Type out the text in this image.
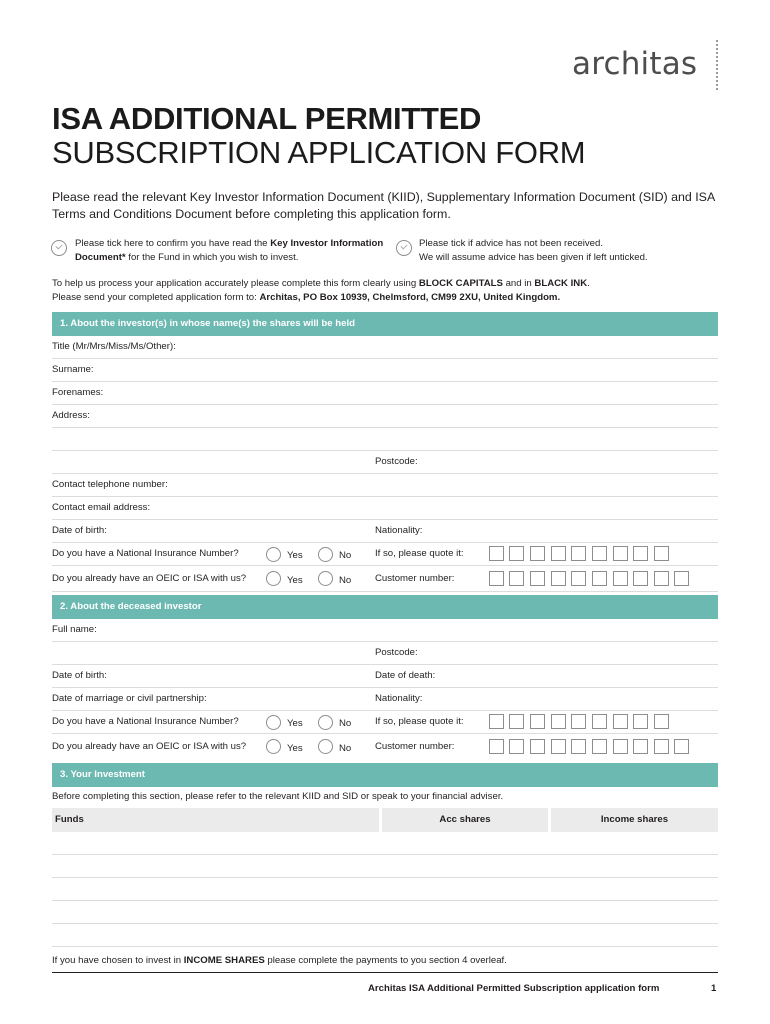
architas
ISA ADDITIONAL PERMITTED
SUBSCRIPTION APPLICATION FORM
Please read the relevant Key Investor Information Document (KIID), Supplementary Information Document (SID) and ISA Terms and Conditions Document before completing this application form.
Please tick here to confirm you have read the Key Investor Information Document* for the Fund in which you wish to invest.
Please tick if advice has not been received.
We will assume advice has been given if left unticked.
To help us process your application accurately please complete this form clearly using BLOCK CAPITALS and in BLACK INK.
Please send your completed application form to: Architas, PO Box 10939, Chelmsford, CM99 2XU, United Kingdom.
1. About the investor(s) in whose name(s) the shares will be held
Title (Mr/Mrs/Miss/Ms/Other):
Surname:
Forenames:
Address:
Postcode:
Contact telephone number:
Contact email address:
Date of birth:	Nationality:
Do you have a National Insurance Number?	Yes	No If so, please quote it:
Do you already have an OEIC or ISA with us?	Yes	No Customer number:
2. About the deceased investor
Full name:
Postcode:
Date of birth:	Date of death:
Date of marriage or civil partnership:	Nationality:
Do you have a National Insurance Number?	Yes	No If so, please quote it:
Do you already have an OEIC or ISA with us?	Yes	No Customer number:
3. Your Investment
Before completing this section, please refer to the relevant KIID and SID or speak to your financial adviser.
Funds	Acc shares	Income shares
If you have chosen to invest in INCOME SHARES please complete the payments to you section 4 overleaf.
Architas ISA Additional Permitted Subscription application form	1
